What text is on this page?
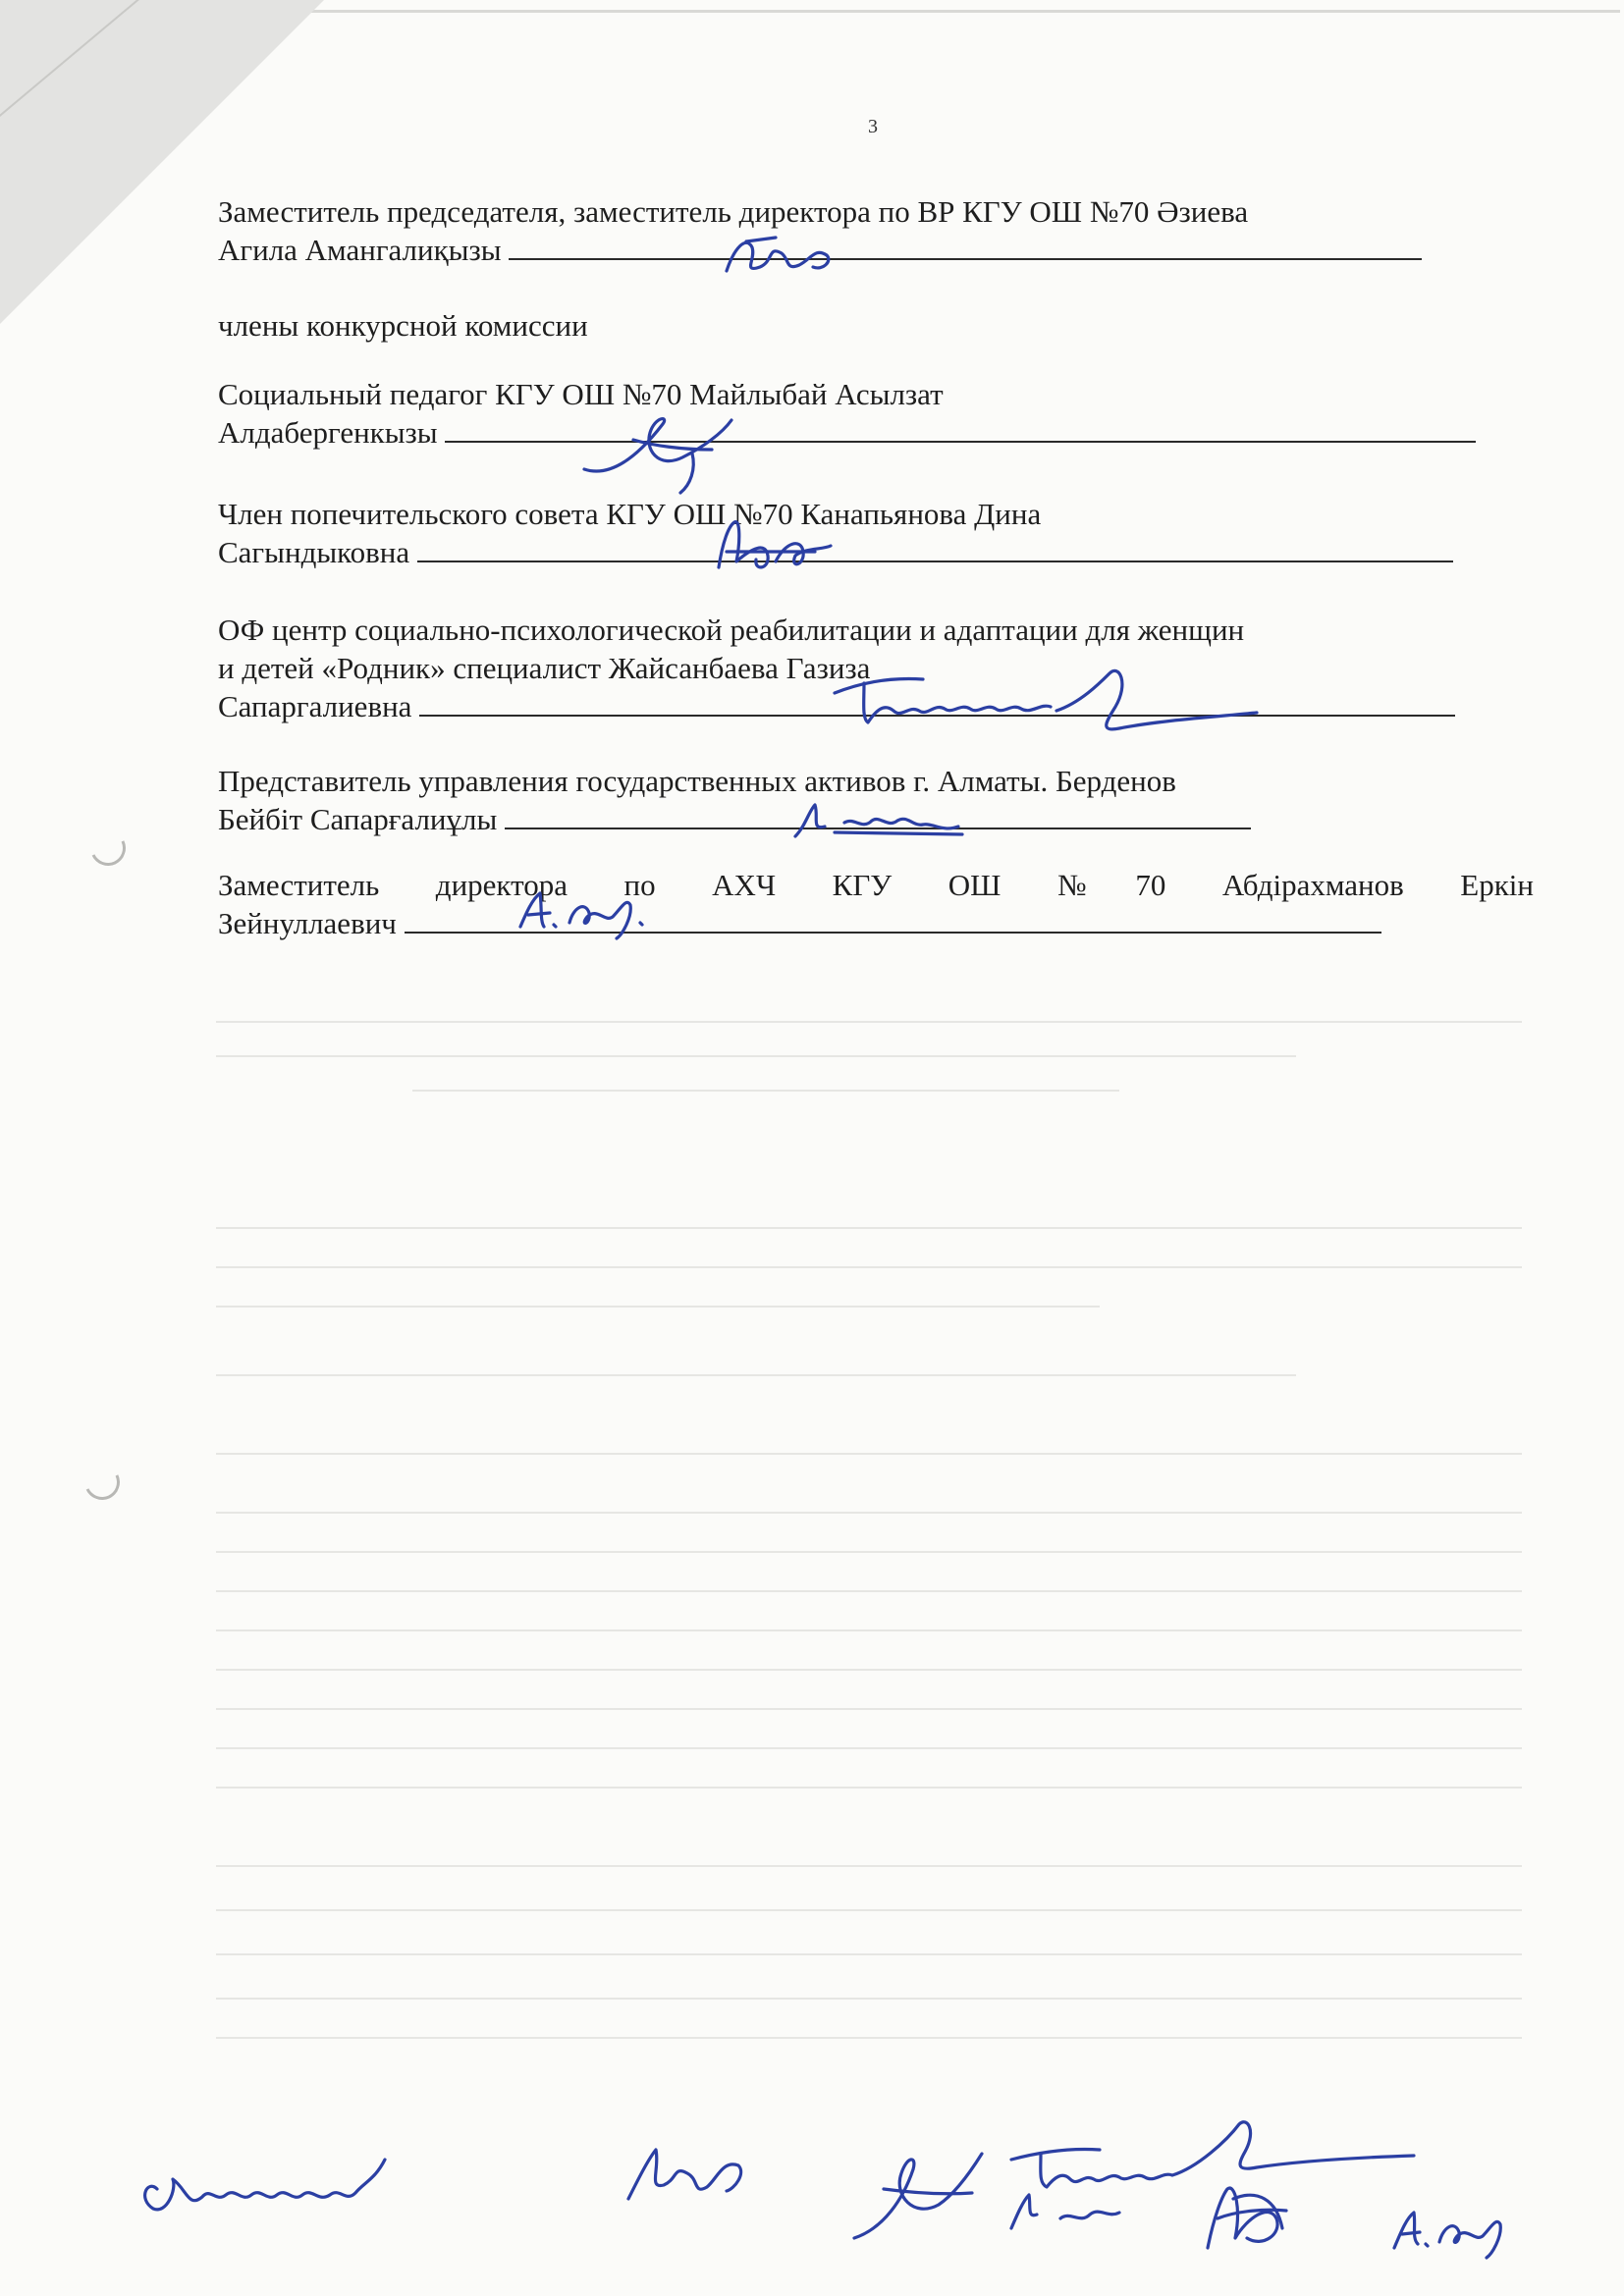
3
Заместитель председателя, заместитель директора по ВР КГУ ОШ №70 Әзиева
Агила Амангалиқызы
члены конкурсной комиссии
Социальный педагог КГУ ОШ №70 Майлыбай Асылзат
Алдабергенкызы
Член попечительского совета КГУ ОШ №70 Канапьянова Дина
Сагындыковна
ОФ центр социально-психологической реабилитации и адаптации для женщин
и детей «Родник» специалист Жайсанбаева Газиза
Сапаргалиевна
Представитель управления государственных активов г. Алматы. Берденов
Бейбіт Сапарғалиұлы
Заместитель директора по АХЧ КГУ ОШ №70 Абдірахманов Еркін
Зейнуллаевич
